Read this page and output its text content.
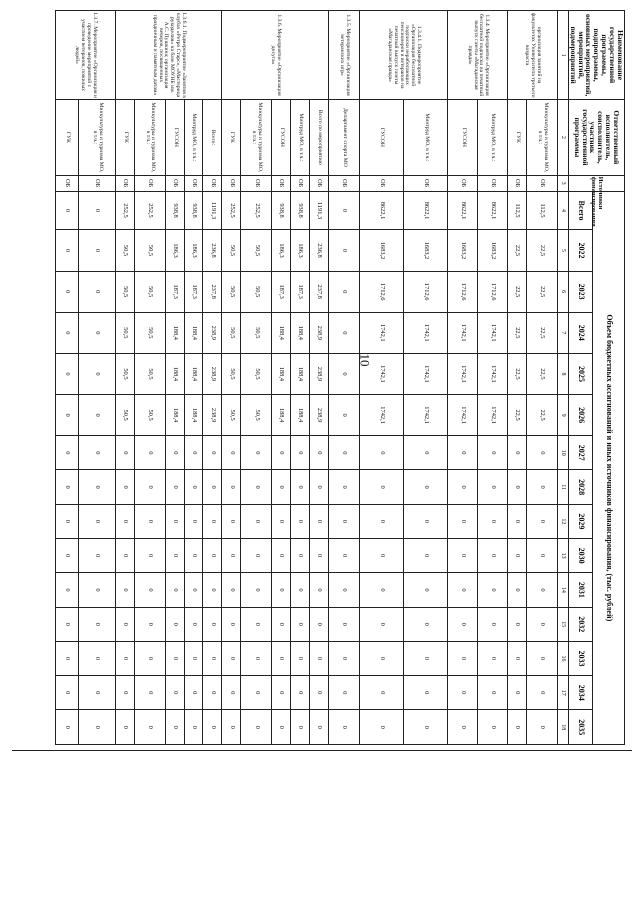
10
Наименование государственной программы, подпрограммы, основных мероприятий, мероприятий, подмероприятий	Ответственный исполнитель, соисполнитель, участник государственной программы	Источники финансирования	Объем бюджетных ассигнований и иных источников финансирования, (тыс. рублей)														
			Всего	2022	2023	2024	2025	2026	2027	2028	2029	2030	2031	2032	2033	2034	2035
1	2	3	4	5	6	7	8	9	10	11	12	13	14	15	16	17	18
организация занятий на факультетах Университета третьего возраста	Минкультуры и туризма МО, в т.ч.:	ОБ	112,5	22,5	22,5	22,5	22,5	22,5	0	0	0	0	0	0	0	0	0
	ГУК	ОБ	112,5	22,5	22,5	22,5	22,5	22,5	0	0	0	0	0	0	0	0	0
1.3.4. Мероприятие «Организация бесплатной подписки на печатный выпуск газеты «Магаданская правда»	Минтруд МО, в т.ч.:	ОБ	8622,1	1683,2	1712,6	1742,1	1742,1	1742,1	0	0	0	0	0	0	0	0	0
	ГУСОН	ОБ	8622,1	1683,2	1712,6	1742,1	1742,1	1742,1	0	0	0	0	0	0	0	0	0
1.3.4.1. Подмероприятие «Организация бесплатной подписки неработающих пенсионеров и ветеранов на печатный выпуск газеты «Магаданская правда»	Минтруд МО, в т.ч.:	ОБ	8622,1	1683,2	1712,6	1742,1	1742,1	1742,1	0	0	0	0	0	0	0	0	0
	ГУСОН	ОБ	8622,1	1683,2	1712,6	1742,1	1742,1	1742,1	0	0	0	0	0	0	0	0	0
1.3.5. Мероприятие «Организация ветеранских игр»	Департамент спорта МО	ОБ	0	0	0	0	0	0	0	0	0	0	0	0	0	0	0
1.3.6. Мероприятие «Организация досуга»	Всего по мероприятию	ОБ	1191,3	236,8	237,8	238,9	238,9	238,9	0	0	0	0	0	0	0	0	0
	Минтруд МО, в т.ч.:	ОБ	938,8	186,3	187,3	188,4	188,4	188,4	0	0	0	0	0	0	0	0	0
	ГУСОН	ОБ	938,8	186,3	187,3	188,4	188,4	188,4	0	0	0	0	0	0	0	0	0
	Минкультуры и туризма МО, в т.ч.:	ОБ	252,5	50,5	50,5	50,5	50,5	50,5	0	0	0	0	0	0	0	0	0
	ГУК	ОБ	252,5	50,5	50,5	50,5	50,5	50,5	0	0	0	0	0	0	0	0	0
1.3.6.1. Подмероприятие «Занятия в клубах «Ретро Старс», «Мастерица рукоделия» на базе МОУНБ им. А.С. Пушкина; организация вечеров, посвященных праздничным и памятным датам»	Всего:	ОБ	1191,3	236,8	237,8	238,9	238,9	238,9	0	0	0	0	0	0	0	0	0
	Минтруд МО, в т.ч.:	ОБ	938,8	186,3	187,3	188,4	188,4	188,4	0	0	0	0	0	0	0	0	0
	ГУСОН	ОБ	938,8	186,3	187,3	188,4	188,4	188,4	0	0	0	0	0	0	0	0	0
	Минкультуры и туризма МО, в т.ч.:	ОБ	252,5	50,5	50,5	50,5	50,5	50,5	0	0	0	0	0	0	0	0	0
	ГУК	ОБ	252,5	50,5	50,5	50,5	50,5	50,5	0	0	0	0	0	0	0	0	0
1.3.7. Мероприятие «Организация и проведение мероприятий с участием ветеранов, пожилых людей»	Минкультуры и туризма МО, в т.ч.:	ОБ	0	0	0	0	0	0	0	0	0	0	0	0	0	0	0
	ГУК	ОБ	0	0	0	0	0	0	0	0	0	0	0	0	0	0	0
